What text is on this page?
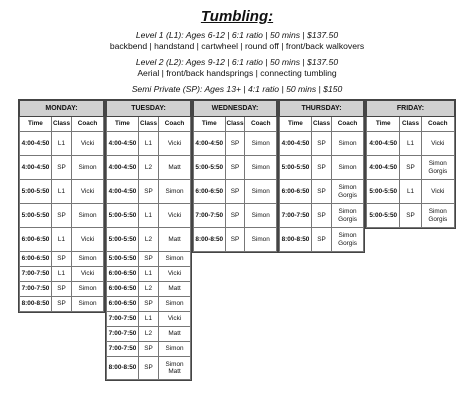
Tumbling:
Level 1 (L1): Ages 6-12 | 6:1 ratio | 50 mins | $137.50
backbend | handstand | cartwheel | round off | front/back walkovers
Level 2 (L2): Ages 9-12 | 6:1 ratio | 50 mins | $137.50
Aerial | front/back handsprings | connecting tumbling
Semi Private (SP): Ages 13+ | 4:1 ratio | 50 mins | $150
MONDAY:		
Time	Class	Coach
4:00-4:50	L1	Vicki
4:00-4:50	SP	Simon
5:00-5:50	L1	Vicki
5:00-5:50	SP	Simon
6:00-6:50	L1	Vicki
6:00-6:50	SP	Simon
7:00-7:50	L1	Vicki
7:00-7:50	SP	Simon
8:00-8:50	SP	Simon
TUESDAY:		
Time	Class	Coach
4:00-4:50	L1	Vicki
4:00-4:50	L2	Matt
4:00-4:50	SP	Simon
5:00-5:50	L1	Vicki
5:00-5:50	L2	Matt
5:00-5:50	SP	Simon
6:00-6:50	L1	Vicki
6:00-6:50	L2	Matt
6:00-6:50	SP	Simon
7:00-7:50	L1	Vicki
7:00-7:50	L2	Matt
7:00-7:50	SP	Simon
8:00-8:50	SP	Simon Matt
WEDNESDAY:		
Time	Class	Coach
4:00-4:50	SP	Simon
5:00-5:50	SP	Simon
6:00-6:50	SP	Simon
7:00-7:50	SP	Simon
8:00-8:50	SP	Simon
THURSDAY:		
Time	Class	Coach
4:00-4:50	SP	Simon
5:00-5:50	SP	Simon
6:00-6:50	SP	Simon Gorgis
7:00-7:50	SP	Simon Gorgis
8:00-8:50	SP	Simon Gorgis
FRIDAY:		
Time	Class	Coach
4:00-4:50	L1	Vicki
4:00-4:50	SP	Simon Gorgis
5:00-5:50	L1	Vicki
5:00-5:50	SP	Simon Gorgis
